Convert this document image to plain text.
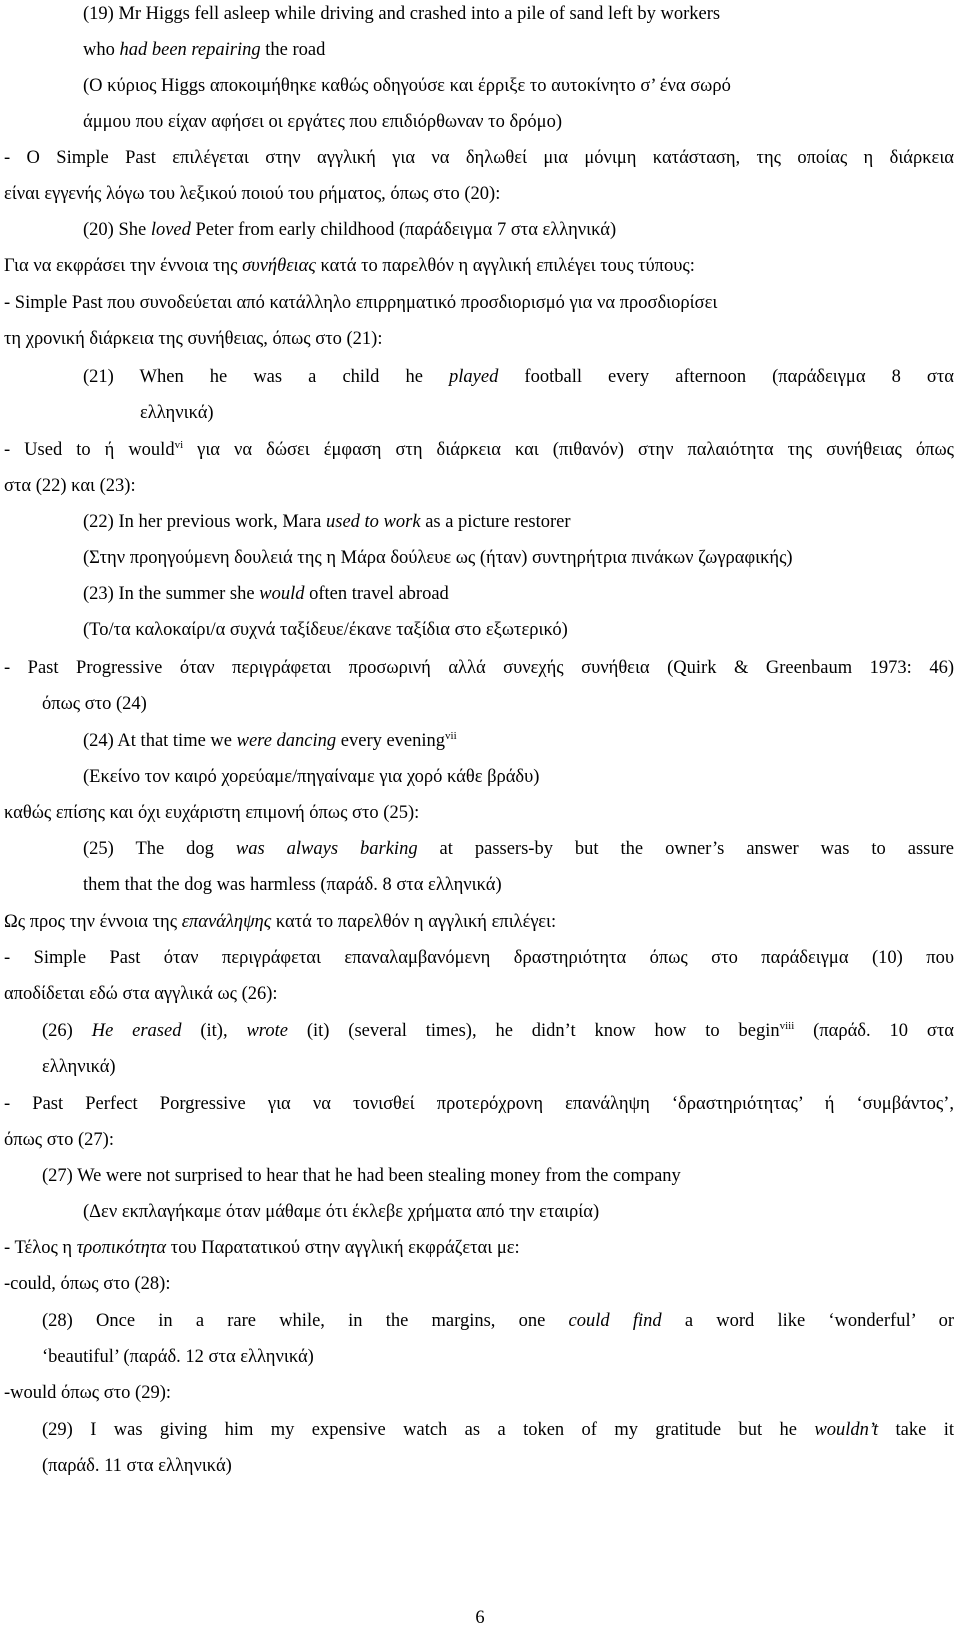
(19) Mr Higgs fell asleep while driving and crashed into a pile of sand left by workers
who had been repairing the road
(Ο κύριος Higgs αποκοιμήθηκε καθώς οδηγούσε και έρριξε το αυτοκίνητο σ’ ένα σωρό
άμμου που είχαν αφήσει οι εργάτες που επιδιόρθωναν το δρόμο)
- O Simple Past επιλέγεται στην αγγλική για να δηλωθεί μια μόνιμη κατάσταση, της οποίας η διάρκεια
είναι εγγενής λόγω του λεξικού ποιού του ρήματος, όπως στο (20):
(20) She loved Peter from early childhood (παράδειγμα 7 στα ελληνικά)
Για να εκφράσει την έννοια της συνήθειας κατά το παρελθόν η αγγλική επιλέγει τους τύπους:
- Simple Past που συνοδεύεται από κατάλληλο επιρρηματικό προσδιορισμό για να προσδιορίσει
τη χρονική διάρκεια της συνήθειας, όπως στο (21):
(21) When he was a child he played football every afternoon (παράδειγμα 8 στα
ελληνικά)
- Used to ή would$^{vi}$ για να δώσει έμφαση στη διάρκεια και (πιθανόν) στην παλαιότητα της συνήθειας όπως
στα (22) και (23):
(22) In her previous work, Mara used to work as a picture restorer
(Στην προηγούμενη δουλειά της η Μάρα δούλευε ως (ήταν) συντηρήτρια πινάκων ζωγραφικής)
(23) In the summer she would often travel abroad
(Το/τα καλοκαίρι/α συχνά ταξίδευε/έκανε ταξίδια στο εξωτερικό)
- Past Progressive όταν περιγράφεται προσωρινή αλλά συνεχής συνήθεια (Quirk & Greenbaum 1973: 46)
όπως στο (24)
(24) At that time we were dancing every evening$^{vii}$
(Εκείνο τον καιρό χορεύαμε/πηγαίναμε για χορό κάθε βράδυ)
καθώς επίσης και όχι ευχάριστη επιμονή όπως στο (25):
(25) The dog was always barking at passers-by but the owner’s answer was to assure
them that the dog was harmless (παράδ. 8 στα ελληνικά)
Ως προς την έννοια της επανάληψης κατά το παρελθόν η αγγλική επιλέγει:
- Simple Past όταν περιγράφεται επαναλαμβανόμενη δραστηριότητα όπως στο παράδειγμα (10) που
αποδίδεται εδώ στα αγγλικά ως (26):
(26) He erased (it), wrote (it) (several times), he didn’t know how to begin$^{viii}$ (παράδ. 10 στα
ελληνικά)
- Past Perfect Porgressive για να τονισθεί προτερόχρονη επανάληψη ‘δραστηριότητας’ ή ‘συμβάντος’,
όπως στο (27):
(27) We were not surprised to hear that he had been stealing money from the company
(Δεν εκπλαγήκαμε όταν μάθαμε ότι έκλεβε χρήματα από την εταιρία)
- Τέλος η τροπικότητα του Παρατατικού στην αγγλική εκφράζεται με:
-could, όπως στο (28):
(28) Once in a rare while, in the margins, one could find a word like ‘wonderful’ or
‘beautiful’ (παράδ. 12 στα ελληνικά)
-would όπως στο (29):
(29) I was giving him my expensive watch as a token of my gratitude but he wouldn’t take it
(παράδ. 11 στα ελληνικά)
6
